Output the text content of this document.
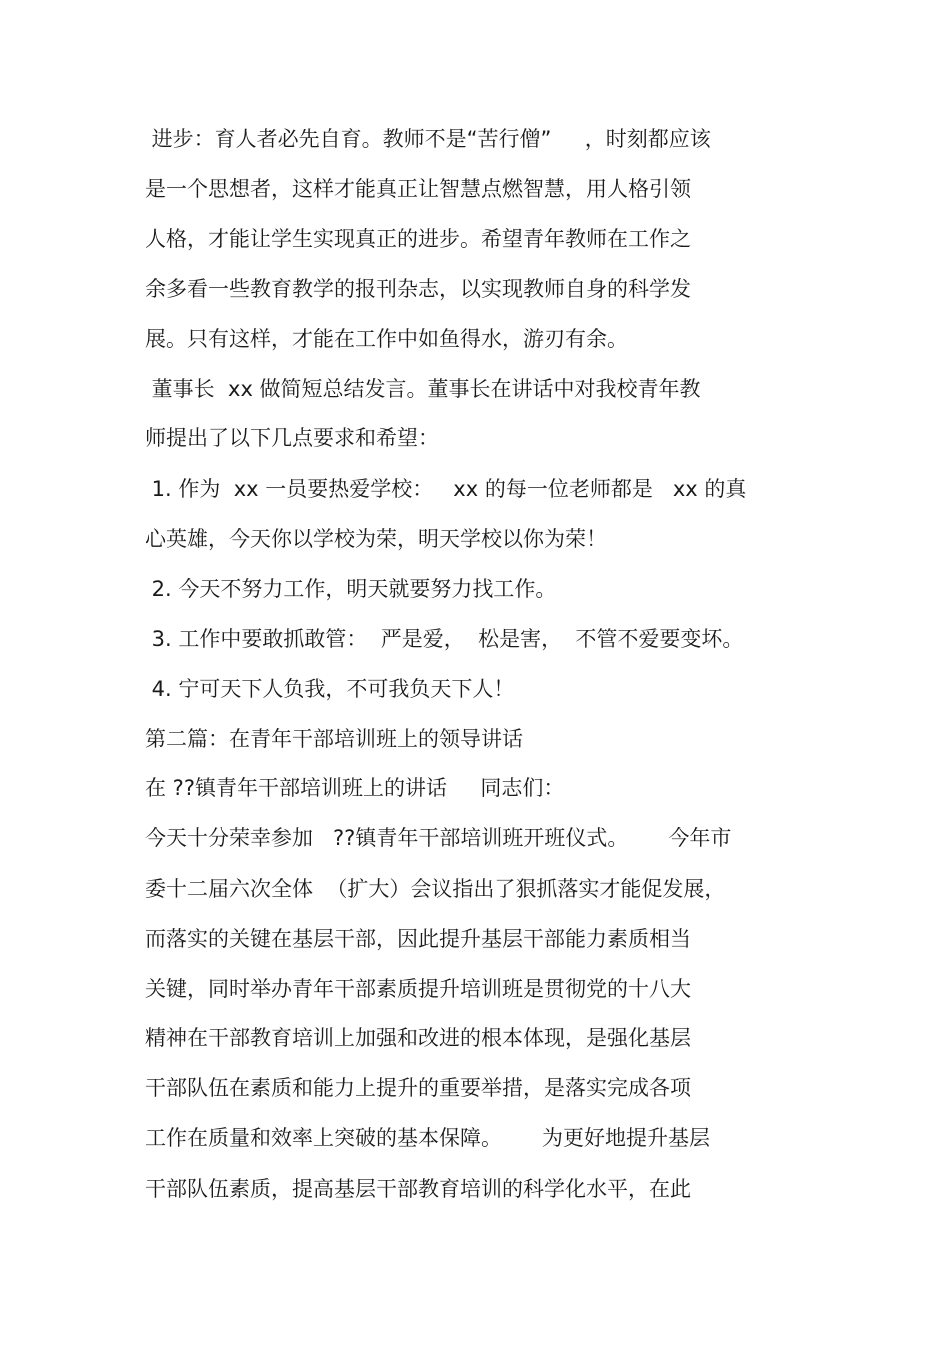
进步：育人者必先自育。教师不是“苦行僧”     ，时刻都应该

是一个思想者，这样才能真正让智慧点燃智慧，用人格引领

人格，才能让学生实现真正的进步。希望青年教师在工作之

余多看一些教育教学的报刊杂志，以实现教师自身的科学发

展。只有这样，才能在工作中如鱼得水，游刃有余。

董事长  xx 做简短总结发言。董事长在讲话中对我校青年教

师提出了以下几点要求和希望：

1. 作为  xx 一员要热爱学校：   xx 的每一位老师都是   xx 的真

心英雄，今天你以学校为荣，明天学校以你为荣！

2. 今天不努力工作，明天就要努力找工作。

3. 工作中要敢抓敢管：  严是爱，  松是害，  不管不爱要变坏。

4. 宁可天下人负我，不可我负天下人！

第二篇：在青年干部培训班上的领导讲话

在 ??镇青年干部培训班上的讲话     同志们：

今天十分荣幸参加   ??镇青年干部培训班开班仪式。      今年市

委十二届六次全体  （扩大）会议指出了狠抓落实才能促发展，

而落实的关键在基层干部，因此提升基层干部能力素质相当

关键，同时举办青年干部素质提升培训班是贯彻党的十八大

精神在干部教育培训上加强和改进的根本体现，是强化基层

干部队伍在素质和能力上提升的重要举措，是落实完成各项

工作在质量和效率上突破的基本保障。      为更好地提升基层

干部队伍素质，提高基层干部教育培训的科学化水平，在此
